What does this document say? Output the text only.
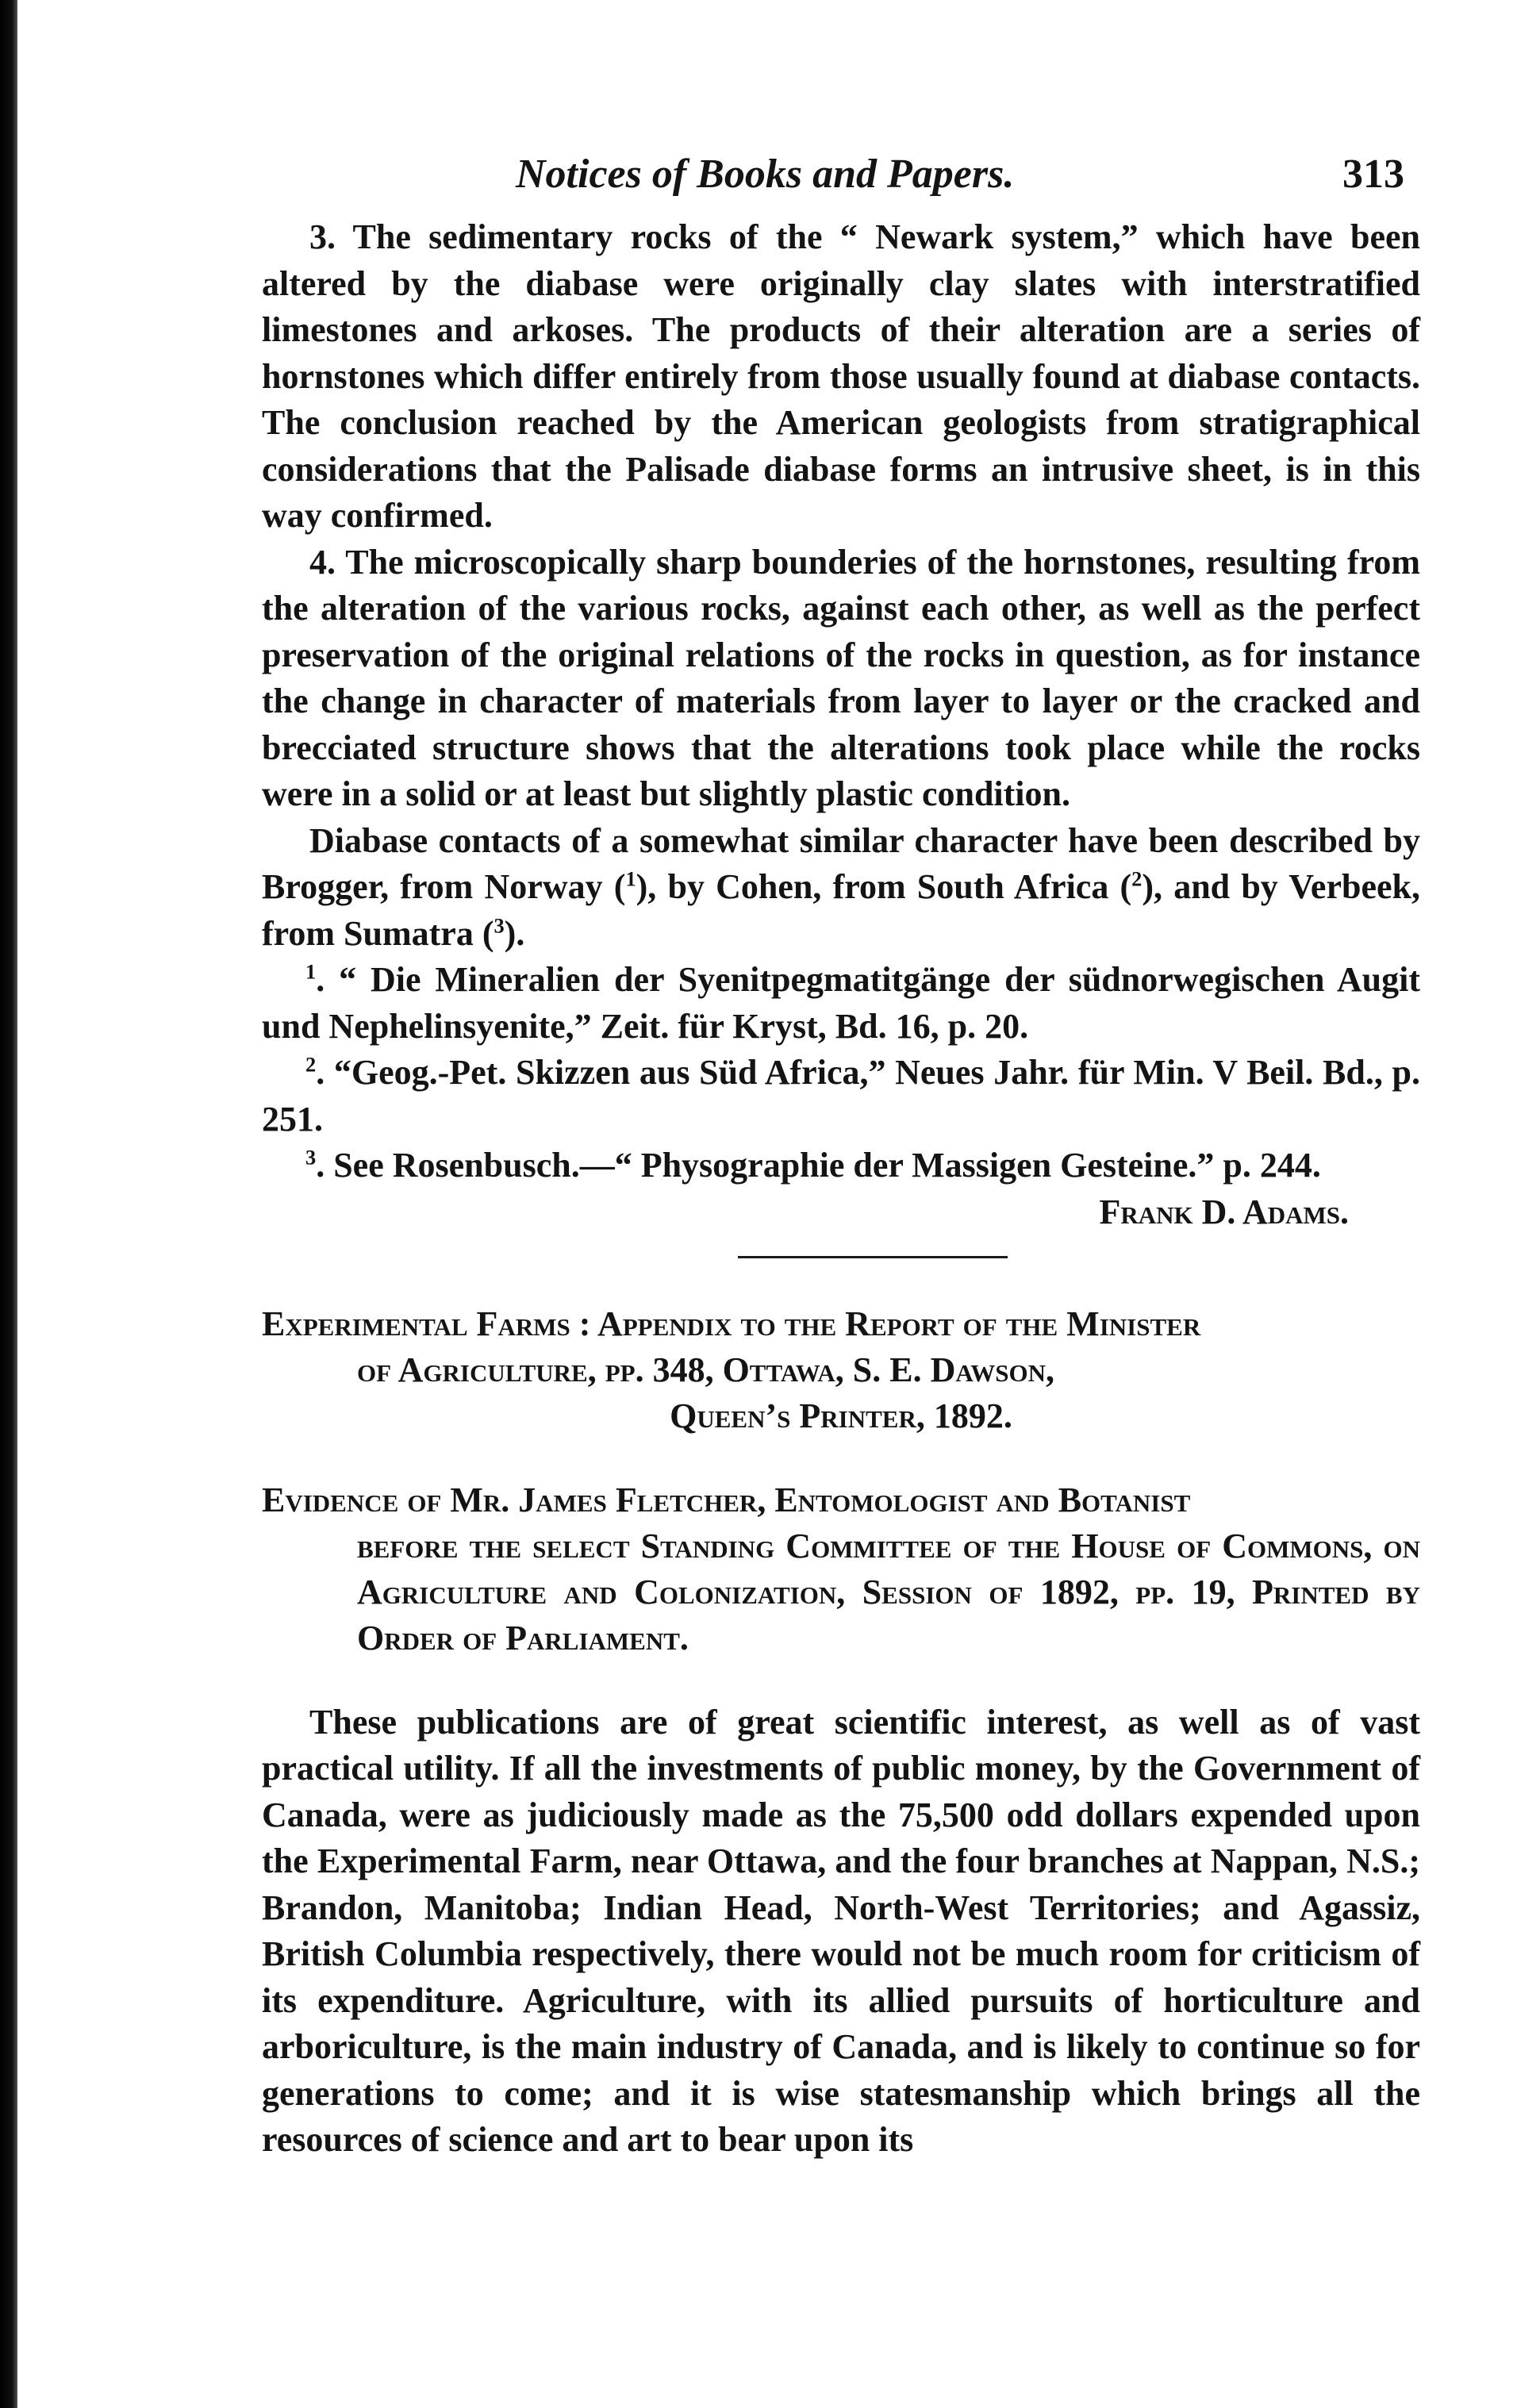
Notices of Books and Papers.	313

3. The sedimentary rocks of the “ Newark system,” which have been altered by the diabase were originally clay slates with interstratified limestones and arkoses. The products of their alteration are a series of hornstones which differ entirely from those usually found at diabase contacts. The conclusion reached by the American geologists from stratigraphical considerations that the Palisade diabase forms an intrusive sheet, is in this way confirmed.

4. The microscopically sharp bounderies of the hornstones, resulting from the alteration of the various rocks, against each other, as well as the perfect preservation of the original relations of the rocks in question, as for instance the change in character of materials from layer to layer or the cracked and brecciated structure shows that the alterations took place while the rocks were in a solid or at least but slightly plastic condition.

Diabase contacts of a somewhat similar character have been described by Brogger, from Norway ($^1$), by Cohen, from South Africa ($^2$), and by Verbeek, from Sumatra ($^3$).

$^1$. “ Die Mineralien der Syenitpegmatitgänge der südnorwegischen Augit und Nephelinsyenite,” Zeit. für Kryst, Bd. 16, p. 20.

$^2$. “Geog.-Pet. Skizzen aus Süd Africa,” Neues Jahr. für Min. V Beil. Bd., p. 251.

$^3$. See Rosenbusch.—“ Physographie der Massigen Gesteine.” p. 244.

Frank D. Adams.
Experimental Farms : Appendix to the Report of the Minister
of Agriculture, pp. 348, Ottawa, S. E. Dawson,
Queen’s Printer, 1892.
Evidence of Mr. James Fletcher, Entomologist and Botanist
before the select Standing Committee of the House of Commons, on Agriculture and Colonization, Session of 1892, pp. 19, Printed by Order of Parliament.

These publications are of great scientific interest, as well as of vast practical utility. If all the investments of public money, by the Government of Canada, were as judiciously made as the 75,500 odd dollars expended upon the Experimental Farm, near Ottawa, and the four branches at Nappan, N.S.; Brandon, Manitoba; Indian Head, North-West Territories; and Agassiz, British Columbia respectively, there would not be much room for criticism of its expenditure. Agriculture, with its allied pursuits of horticulture and arboriculture, is the main industry of Canada, and is likely to continue so for generations to come; and it is wise statesmanship which brings all the resources of science and art to bear upon its
